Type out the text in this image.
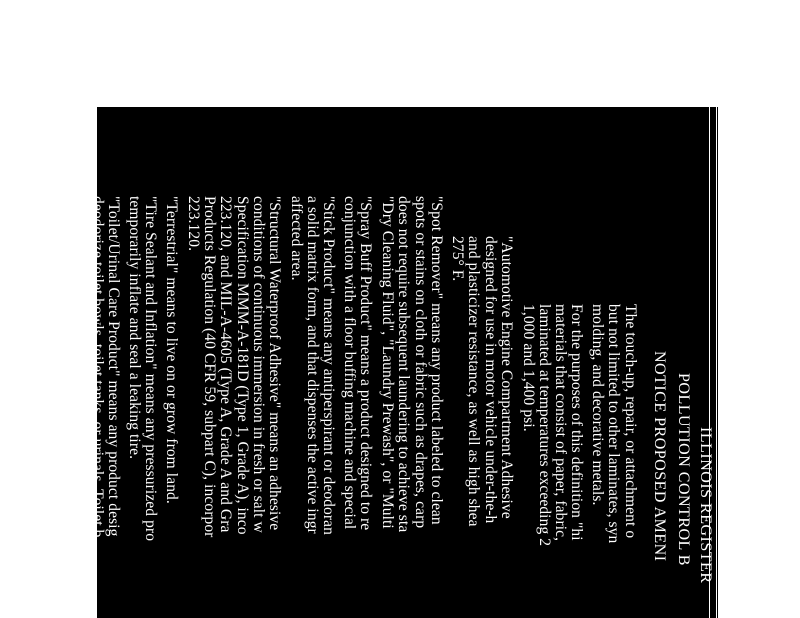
ILLINOIS REGISTER
POLLUTION CONTROL B
NOTICE PROPOSED AMENI
The touch-up, repair, or attachment o
but not limited to other laminates, syn
molding, and decorative metals.
For the purposes of this definition "hi
materials that consist of paper, fabric,
laminated at temperatures exceeding 2
1,000 and 1,400 psi.
"Automotive Engine Compartment Adhesive
designed for use in motor vehicle under-the-h
and plasticizer resistance, as well as high shea
275° F.
"Spot Remover" means any product labeled to clean
spots or stains on cloth or fabric such as drapes, carp
does not require subsequent laundering to achieve sta
"Dry Cleaning Fluid", "Laundry Prewash", or "Multi
"Spray Buff Product" means a product designed to re
conjunction with a floor buffing machine and special
"Stick Product" means any antiperspirant or deodoran
a solid matrix form, and that dispenses the active ingr
affected area.
"Structural Waterproof Adhesive" means an adhesive
conditions of continuous immersion in fresh or salt w
Specification MMM-A-181D (Type 1, Grade A), inco
223.120, and MIL-A-4605 (Type A, Grade A and Gra
Products Regulation (40 CFR 59, subpart C), incorpor
223.120.
"Terrestrial" means to live on or grow from land.
"Tire Sealant and Inflation" means any pressurized pro
temporarily inflate and seal a leaking tire.
"Toilet/Urinal Care Product" means any product desig
deodorize toilet bowls, toilet tanks, or urinals. Toilet b
